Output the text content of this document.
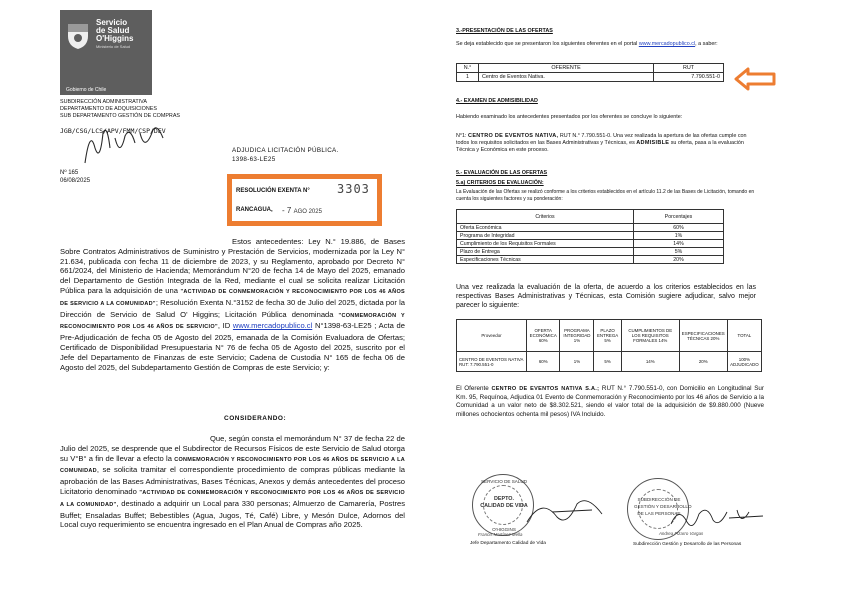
Servicio
de Salud
O'Higgins
Ministerio de Salud
Gobierno de Chile
SUBDIRECCIÓN ADMINISTRATIVA
DEPARTAMENTO DE ADQUISICIONES
SUB DEPARTAMENTO GESTIÓN DE COMPRAS
JGB/CSG/LCS/APV/FMM/CSP/DEV
Nº 165
06/08/2025
ADJUDICA LICITACIÓN PÚBLICA.
1398-63-LE25
RESOLUCIÓN EXENTA N° 3303
RANCAGUA, - 7 AGO 2025

Estos antecedentes: Ley N.° 19.886, de Bases Sobre Contratos Administrativos de Suministro y Prestación de Servicios, modernizada por la Ley N° 21.634, publicada con fecha 11 de diciembre de 2023, y su Reglamento, aprobado por Decreto N° 661/2024, del Ministerio de Hacienda; Memorándum N°20 de fecha 14 de Mayo del 2025, emanado del Departamento de Gestión Integrada de la Red, mediante el cual se solicita realizar Licitación Pública para la adquisición de una "ACTIVIDAD DE CONMEMORACIÓN Y RECONOCIMIENTO POR LOS 46 AÑOS DE SERVICIO A LA COMUNIDAD"; Resolución Exenta N.°3152 de fecha 30 de Julio del 2025, dictada por la Dirección de Servicio de Salud O' Higgins; Licitación Pública denominada "CONMEMORACIÓN Y RECONOCIMIENTO POR LOS 46 AÑOS DE SERVICIO", ID www.mercadopublico.cl N°1398-63-LE25 ; Acta de Pre-Adjudicación de fecha 05 de Agosto del 2025, emanada de la Comisión Evaluadora de Ofertas; Certificado de Disponibilidad Presupuestaria N° 76 de fecha 05 de Agosto del 2025, suscrito por el Jefe del Departamento de Finanzas de este Servicio; Cadena de Custodia N° 165 de fecha 06 de Agosto del 2025, del Subdepartamento Gestión de Compras de este Servicio; y:

CONSIDERANDO:

Que, según consta el memorándum N° 37 de fecha 22 de Julio del 2025, se desprende que el Subdirector de Recursos Físicos de este Servicio de Salud otorga su V°B° a fin de llevar a efecto la CONMEMORACIÓN Y RECONOCIMIENTO POR LOS 46 AÑOS DE SERVICIO A LA COMUNIDAD, se solicita tramitar el correspondiente procedimiento de compras públicas mediante la aprobación de las Bases Administrativas, Bases Técnicas, Anexos y demás antecedentes del proceso Licitatorio denominado "ACTIVIDAD DE CONMEMORACIÓN Y RECONOCIMIENTO POR LOS 46 AÑOS DE SERVICIO A LA COMUNIDAD", destinado a adquirir un Local para 330 personas; Almuerzo de Camarería, Postres Buffet; Ensaladas Buffet; Bebestibles (Agua, Jugos, Té, Café) Libre, y Mesón Dulce, Adornos del Local cuyo requerimiento se encuentra ingresado en el Plan Anual de Compras año 2025.

3.-PRESENTACIÓN DE LAS OFERTAS
Se deja establecido que se presentaron los siguientes oferentes en el portal www.mercadopublico.cl, a saber:
N.°	OFERENTE	RUT
1	Centro de Eventos Nativa.	7.790.551-0
4.- EXAMEN DE ADMISIBILIDAD
Habiendo examinado los antecedentes presentados por los oferentes se concluye lo siguiente:
N°1: CENTRO DE EVENTOS NATIVA, RUT N.° 7.790.551-0. Una vez realizada la apertura de las ofertas cumple con todos los requisitos solicitados en las Bases Administrativas y Técnicas, es ADMISIBLE su oferta, pasa a la evaluación Técnica y Económica en este proceso.
5.- EVALUACIÓN DE LAS OFERTAS
5.a) CRITERIOS DE EVALUACIÓN:
La Evaluación de las Ofertas se realizó conforme a los criterios establecidos en el artículo 11.2 de las Bases de Licitación, tomando en cuenta los siguientes factores y su ponderación:
Criterios	Porcentajes
Oferta Económica	60%
Programa de Integridad	1%
Cumplimiento de los Requisitos Formales	14%
Plazo de Entrega	5%
Especificaciones Técnicas	20%
Una vez realizada la evaluación de la oferta, de acuerdo a los criterios establecidos en las respectivas Bases Administrativas y Técnicas, esta Comisión sugiere adjudicar, salvo mejor parecer lo siguiente:
Proveedor	OFERTA ECONÓMICA 60%	PROGRAMA INTEGRIDAD 1%	PLAZO ENTREGA 5%	CUMPLIMIENTOS DE LOS REQUISITOS FORMALES 14%	ESPECIFICACIONES TÉCNICAS 20%	TOTAL
CENTRO DE EVENTOS NATIVA RUT: 7.790.551-0	60%	1%	5%	14%	20%	100% ADJUDICADO
El Oferente CENTRO DE EVENTOS NATIVA S.A.; RUT N.° 7.790.551-0, con Domicilio en Longitudinal Sur Km. 95, Requínoa, Adjudica 01 Evento de Conmemoración y Reconocimiento por los 46 años de Servicio a la Comunidad a un valor neto de $8.302.521, siendo el valor total de la adquisición de $9.880.000 (Nueve millones ochocientos ochenta mil pesos) IVA Incluido.
SERVICIO DE SALUD
DEPTO.
CALIDAD DE VIDA
O'HIGGINS
Francis Martínez Mella
Jefe Departamento Calidad de Vida
SUBDIRECCIÓN DE
GESTIÓN Y DESARROLLO
DE LAS PERSONAS
Andrea Pizarro Vargas
Subdirección Gestión y Desarrollo de las Personas
